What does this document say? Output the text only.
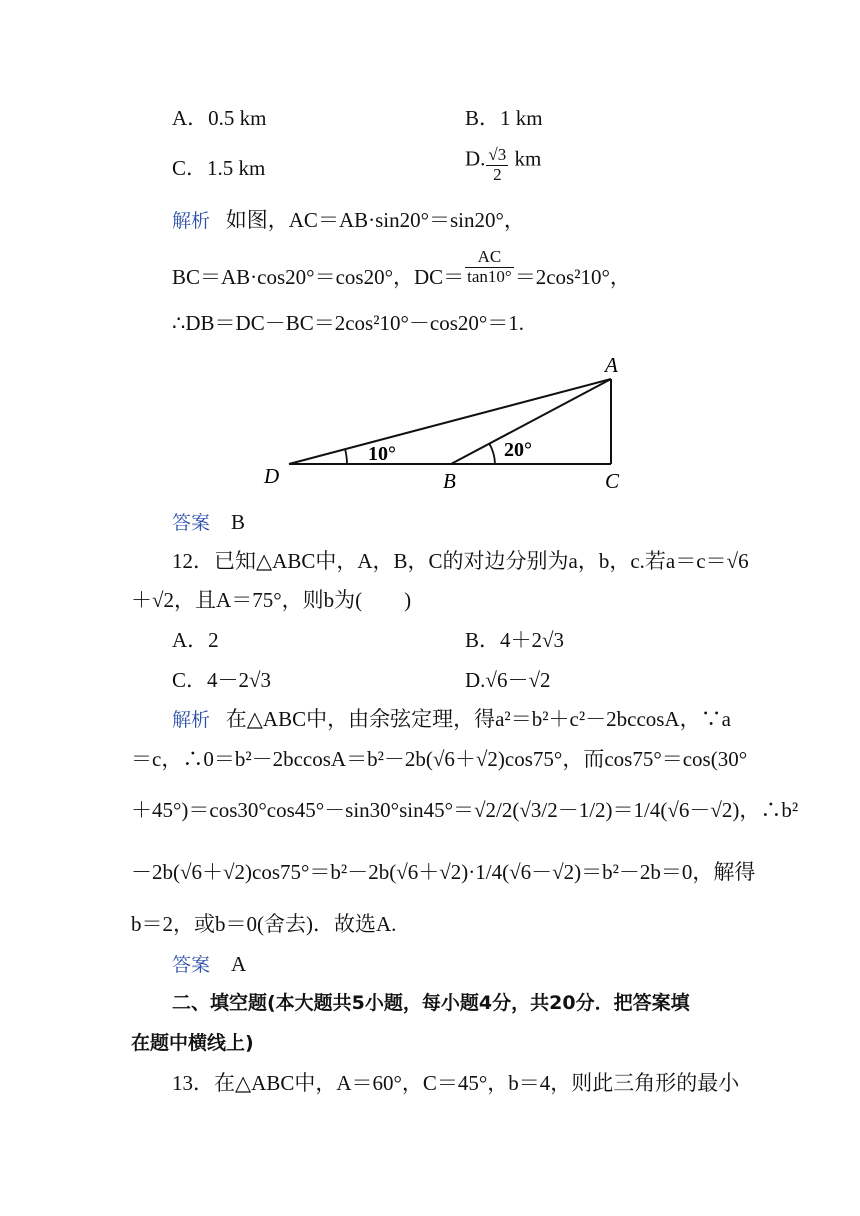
A．0.5 km	B．1 km
C．1.5 km	D. $\frac{√3}{2}$ km
解析 如图，AC＝AB·sin20°＝sin20°，
BC＝AB·cos20°＝cos20°，$DC= \frac{AC}{\tan 10^\circ} =2\cos^210^\circ$，
∴DB＝DC－BC＝2cos²10°－cos20°＝1.
10°	20°
A
D	B	C
答案 B
12．已知△ABC中，A，B，C的对边分别为a，b，c.若a＝c＝√6
＋√2，且A＝75°，则b为(　　)
A．2	B．4＋2√3
C．4－2√3	D.√6－√2
解析 在△ABC中，由余弦定理，得a²＝b²＋c²－2bccosA，∵a
＝c，∴0＝b²－2bccosA＝b²－2b(√6＋√2)cos75°，而cos75°＝cos(30°
＋45°)＝cos30°cos45°－sin30°sin45°＝√2/2(√3/2－1/2)＝1/4(√6－√2)，∴b²
－2b(√6＋√2)cos75°＝b²－2b(√6＋√2)·1/4(√6－√2)＝b²－2b＝0，解得
b＝2，或b＝0(舍去)．故选A.
答案 A
二、填空题(本大题共5小题，每小题4分，共20分．把答案填
在题中横线上)
13．在△ABC中，A＝60°，C＝45°，b＝4，则此三角形的最小
